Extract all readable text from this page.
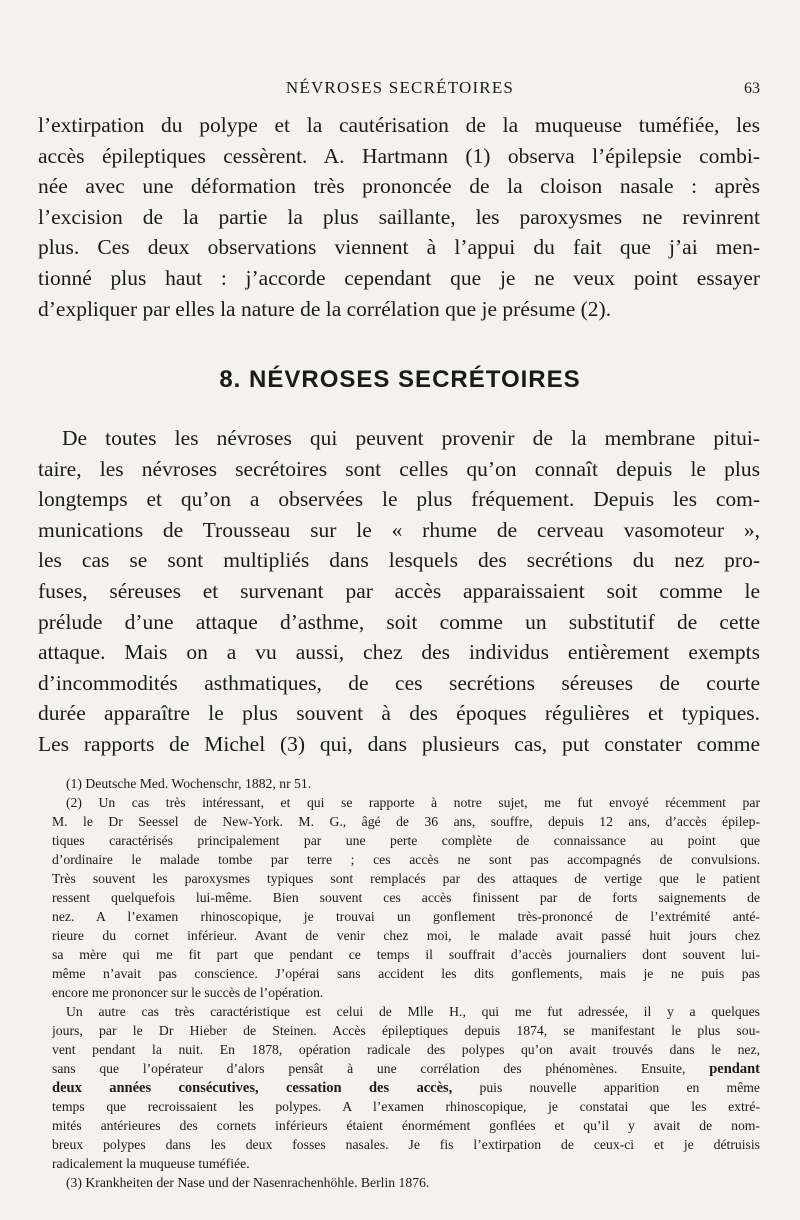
NÉVROSES SECRÉTOIRES	63
l’extirpation du polype et la cautérisation de la muqueuse tuméfiée, les
accès épileptiques cessèrent. A. Hartmann (1) observa l’épilepsie combi-
née avec une déformation très prononcée de la cloison nasale : après
l’excision de la partie la plus saillante, les paroxysmes ne revinrent
plus. Ces deux observations viennent à l’appui du fait que j’ai men-
tionné plus haut : j’accorde cependant que je ne veux point essayer
d’expliquer par elles la nature de la corrélation que je présume (2).
8. NÉVROSES SECRÉTOIRES
De toutes les névroses qui peuvent provenir de la membrane pitui-
taire, les névroses secrétoires sont celles qu’on connaît depuis le plus
longtemps et qu’on a observées le plus fréquement. Depuis les com-
munications de Trousseau sur le « rhume de cerveau vasomoteur »,
les cas se sont multipliés dans lesquels des secrétions du nez pro-
fuses, séreuses et survenant par accès apparaissaient soit comme le
prélude d’une attaque d’asthme, soit comme un substitutif de cette
attaque. Mais on a vu aussi, chez des individus entièrement exempts
d’incommodités asthmatiques, de ces secrétions séreuses de courte
durée apparaître le plus souvent à des époques régulières et typiques.
Les rapports de Michel (3) qui, dans plusieurs cas, put constater comme
(1) Deutsche Med. Wochenschr, 1882, nr 51.
(2) Un cas très intéressant, et qui se rapporte à notre sujet, me fut envoyé récemment par
M. le Dr Seessel de New-York. M. G., âgé de 36 ans, souffre, depuis 12 ans, d’accès épilep-
tiques caractérisés principalement par une perte complète de connaissance au point que
d’ordinaire le malade tombe par terre ; ces accès ne sont pas accompagnés de convulsions.
Très souvent les paroxysmes typiques sont remplacés par des attaques de vertige que le patient
ressent quelquefois lui-même. Bien souvent ces accès finissent par de forts saignements de
nez. A l’examen rhinoscopique, je trouvai un gonflement très-prononcé de l’extrémité anté-
rieure du cornet inférieur. Avant de venir chez moi, le malade avait passé huit jours chez
sa mère qui me fit part que pendant ce temps il souffrait d’accès journaliers dont souvent lui-
même n’avait pas conscience. J’opérai sans accident les dits gonflements, mais je ne puis pas
encore me prononcer sur le succès de l’opération.
Un autre cas très caractéristique est celui de Mlle H., qui me fut adressée, il y a quelques
jours, par le Dr Hieber de Steinen. Accès épileptiques depuis 1874, se manifestant le plus sou-
vent pendant la nuit. En 1878, opération radicale des polypes qu’on avait trouvés dans le nez,
sans que l’opérateur d’alors pensât à une corrélation des phénomènes. Ensuite, pendant
deux années consécutives, cessation des accès, puis nouvelle apparition en même
temps que recroissaient les polypes. A l’examen rhinoscopique, je constatai que les extré-
mités antérieures des cornets inférieurs étaient énormément gonflées et qu’il y avait de nom-
breux polypes dans les deux fosses nasales. Je fis l’extirpation de ceux-ci et je détruisis
radicalement la muqueuse tuméfiée.
(3) Krankheiten der Nase und der Nasenrachenhöhle. Berlin 1876.
